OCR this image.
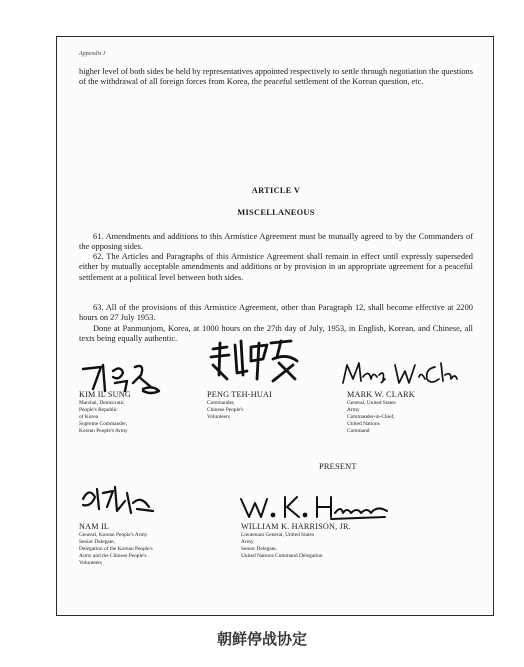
Appendix I

higher level of both sides be held by representatives appointed respectively to settle through negotiation the questions of the withdrawal of all foreign forces from Korea, the peaceful settlement of the Korean question, etc.

ARTICLE V
MISCELLANEOUS

61. Amendments and additions to this Armistice Agreement must be mutually agreed to by the Commanders of the opposing sides.

62. The Articles and Paragraphs of this Armistice Agreement shall remain in effect until expressly superseded either by mutually acceptable amendments and additions or by provision in an appropriate agreement for a peaceful settlement at a political level between both sides.

63. All of the provisions of this Armistice Agreement, other than Paragraph 12, shall become effective at 2200 hours on 27 July 1953.

Done at Panmunjom, Korea, at 1000 hours on the 27th day of July, 1953, in English, Korean, and Chinese, all texts being equally authentic.

KIM IL SUNG
Marshal, Democratic
People's Republic
of Korea
Supreme Commander,
Korean People's Army
PENG TEH-HUAI
Commander,
Chinese People's
Volunteers
MARK W. CLARK
General, United States
Army
Commander-in-Chief,
United Nations
Command
PRESENT
NAM IL
General, Korean People's Army
Senior Delegate,
Delegation of the Korean People's
Army and the Chinese People's
Volunteers
WILLIAM K. HARRISON, JR.
Lieutenant General, United States
Army
Senior Delegate,
United Nations Command Delegation
朝鲜停战协定
